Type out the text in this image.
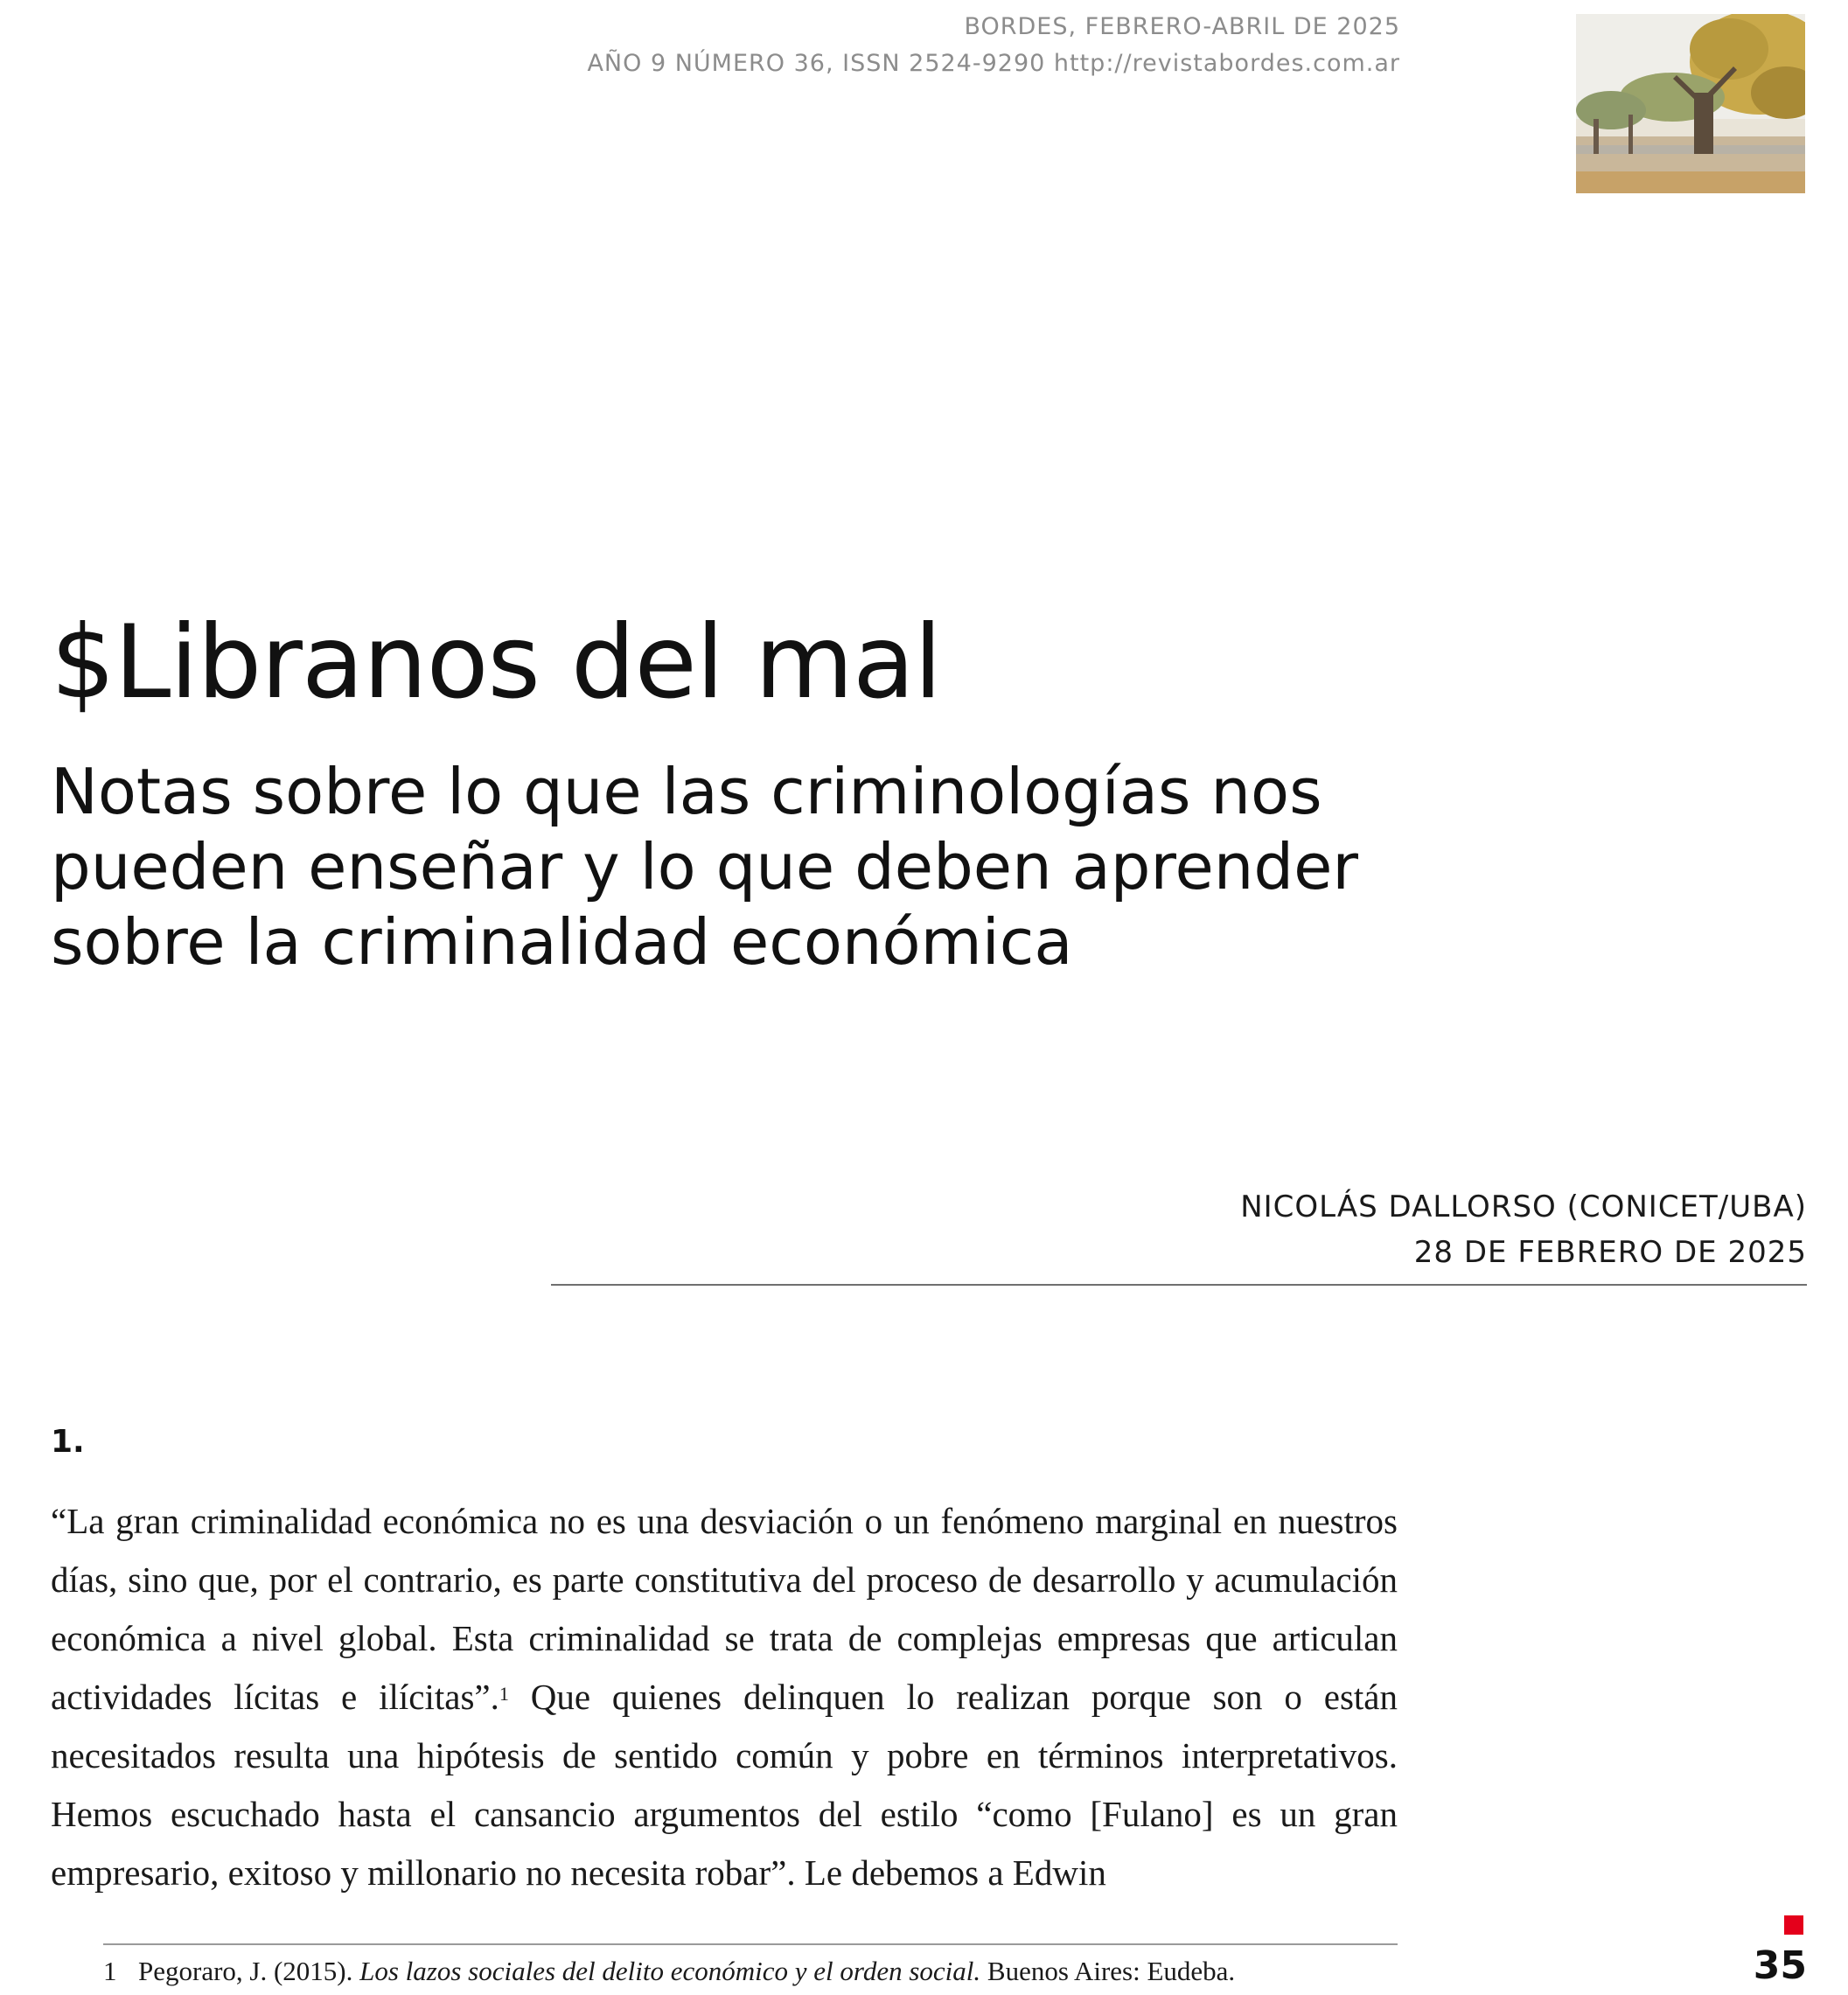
BORDES, FEBRERO-ABRIL DE 2025
AÑO 9 NÚMERO 36, ISSN 2524-9290 http://revistabordes.com.ar
$Libranos del mal
Notas sobre lo que las criminologías nos pueden enseñar y lo que deben aprender sobre la criminalidad económica
NICOLÁS DALLORSO (CONICET/UBA)
28 DE FEBRERO DE 2025
1.

“La gran criminalidad económica no es una desviación o un fenómeno marginal en nuestros días, sino que, por el contrario, es parte constitutiva del proceso de desarrollo y acumulación económica a nivel global. Esta criminalidad se trata de complejas empresas que articulan actividades lícitas e ilícitas”.$^1$ Que quienes delinquen lo realizan porque son o están necesitados resulta una hipótesis de sentido común y pobre en términos interpretativos. Hemos escuchado hasta el cansancio argumentos del estilo “como [Fulano] es un gran empresario, exitoso y millonario no necesita robar”. Le debemos a Edwin

1 Pegoraro, J. (2015). Los lazos sociales del delito económico y el orden social. Buenos Aires: Eudeba.	35
